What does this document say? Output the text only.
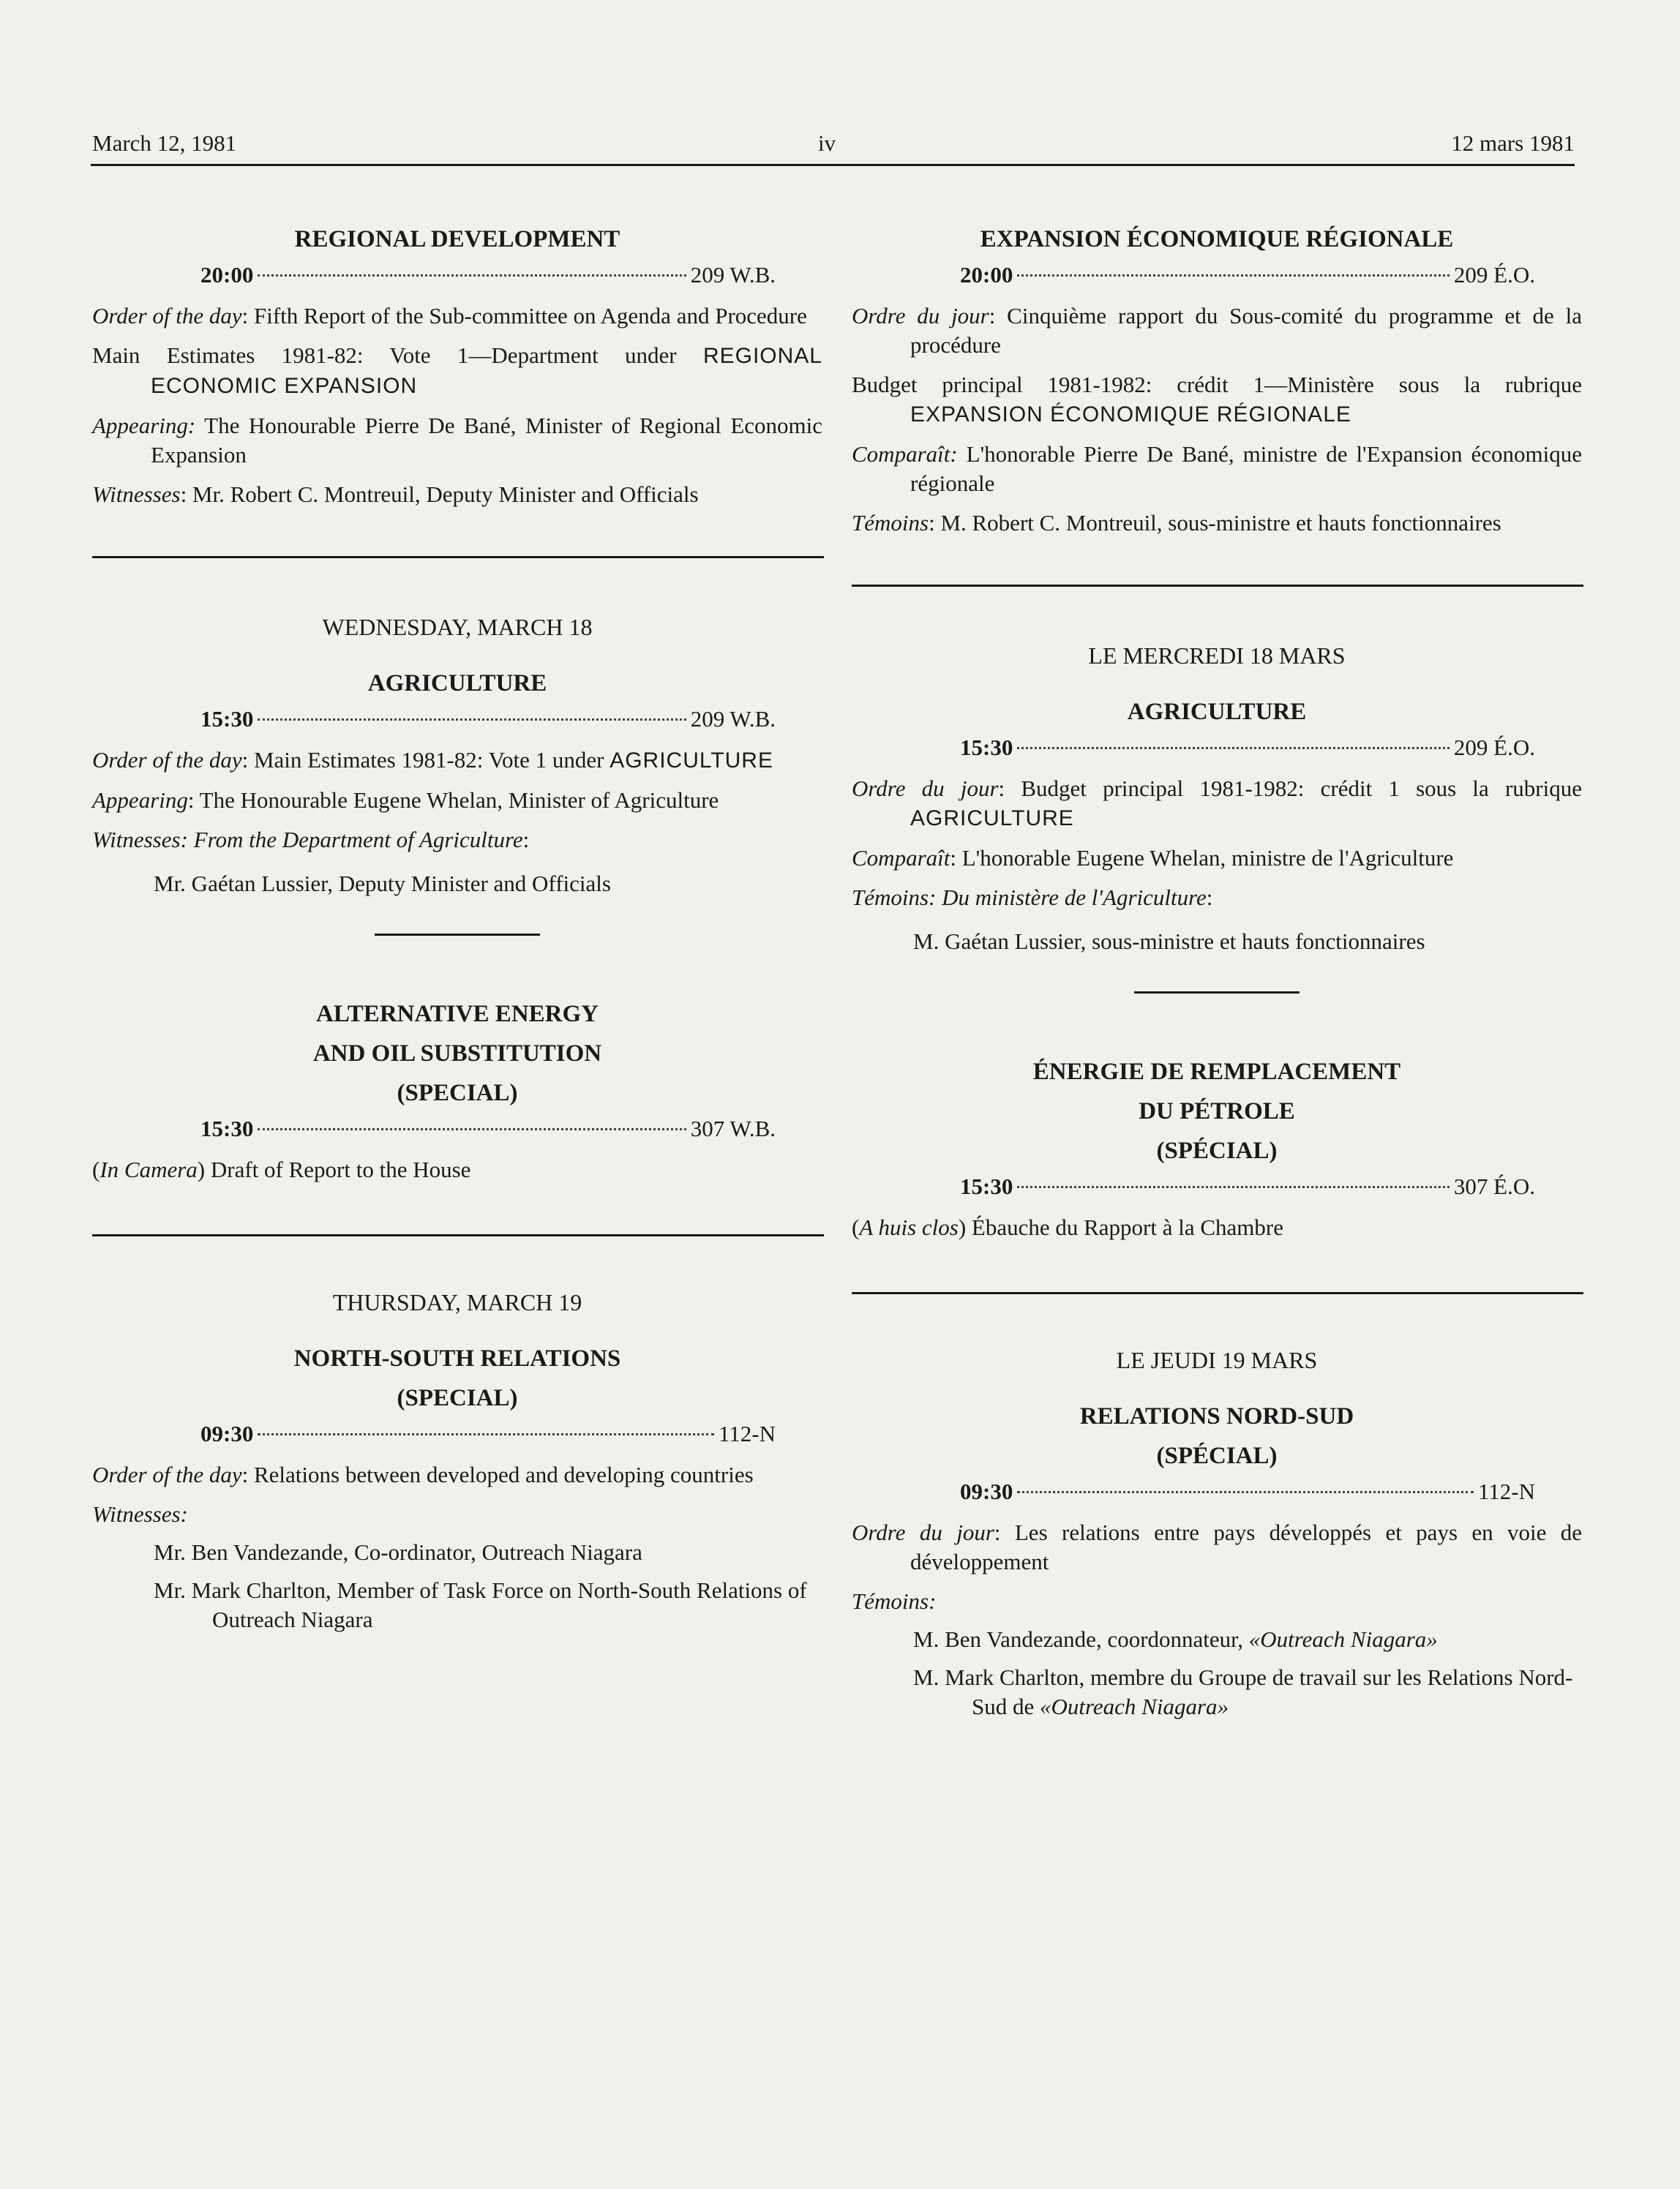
March 12, 1981	iv	12 mars 1981
REGIONAL DEVELOPMENT
20:00	209 W.B.
Order of the day: Fifth Report of the Sub-committee on Agenda and Procedure
Main Estimates 1981-82: Vote 1—Department under REGIONAL ECONOMIC EXPANSION
Appearing: The Honourable Pierre De Bané, Minister of Regional Economic Expansion
Witnesses: Mr. Robert C. Montreuil, Deputy Minister and Officials
WEDNESDAY, MARCH 18
AGRICULTURE
15:30	209 W.B.
Order of the day: Main Estimates 1981-82: Vote 1 under AGRICULTURE
Appearing: The Honourable Eugene Whelan, Minister of Agriculture
Witnesses: From the Department of Agriculture:
Mr. Gaétan Lussier, Deputy Minister and Officials
ALTERNATIVE ENERGY
AND OIL SUBSTITUTION
(SPECIAL)
15:30	307 W.B.
(In Camera) Draft of Report to the House
THURSDAY, MARCH 19
NORTH-SOUTH RELATIONS
(SPECIAL)
09:30	112-N
Order of the day: Relations between developed and developing countries
Witnesses:
Mr. Ben Vandezande, Co-ordinator, Outreach Niagara
Mr. Mark Charlton, Member of Task Force on North-South Relations of Outreach Niagara
EXPANSION ÉCONOMIQUE RÉGIONALE
20:00	209 É.O.
Ordre du jour: Cinquième rapport du Sous-comité du programme et de la procédure
Budget principal 1981-1982: crédit 1—Ministère sous la rubrique EXPANSION ÉCONOMIQUE RÉGIONALE
Comparaît: L'honorable Pierre De Bané, ministre de l'Expansion économique régionale
Témoins: M. Robert C. Montreuil, sous-ministre et hauts fonctionnaires
LE MERCREDI 18 MARS
AGRICULTURE
15:30	209 É.O.
Ordre du jour: Budget principal 1981-1982: crédit 1 sous la rubrique AGRICULTURE
Comparaît: L'honorable Eugene Whelan, ministre de l'Agriculture
Témoins: Du ministère de l'Agriculture:
M. Gaétan Lussier, sous-ministre et hauts fonctionnaires
ÉNERGIE DE REMPLACEMENT
DU PÉTROLE
(SPÉCIAL)
15:30	307 É.O.
(A huis clos) Ébauche du Rapport à la Chambre
LE JEUDI 19 MARS
RELATIONS NORD-SUD
(SPÉCIAL)
09:30	112-N
Ordre du jour: Les relations entre pays développés et pays en voie de développement
Témoins:
M. Ben Vandezande, coordonnateur, «Outreach Niagara»
M. Mark Charlton, membre du Groupe de travail sur les Relations Nord-Sud de «Outreach Niagara»
